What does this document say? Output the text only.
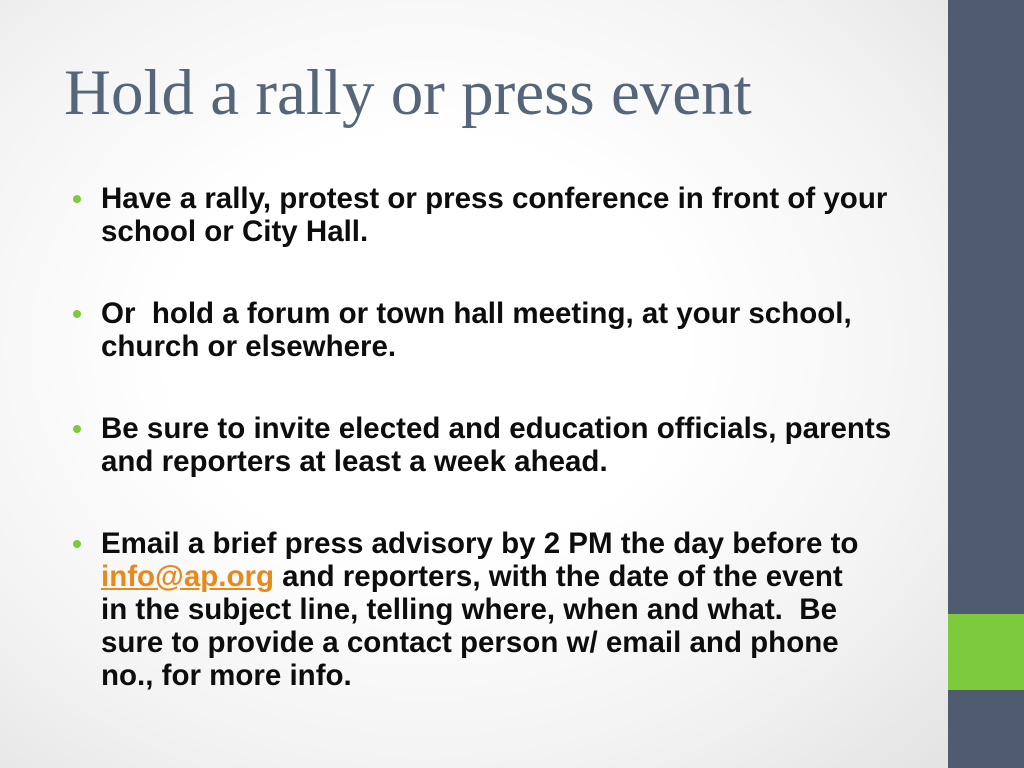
Hold a rally or press event
Have a rally, protest or press conference in front of your
school or City Hall.
Or  hold a forum or town hall meeting, at your school,
church or elsewhere.
Be sure to invite elected and education officials, parents
and reporters at least a week ahead.
Email a brief press advisory by 2 PM the day before to
info@ap.org and reporters, with the date of the event
in the subject line, telling where, when and what.  Be
sure to provide a contact person w/ email and phone
no., for more info.
